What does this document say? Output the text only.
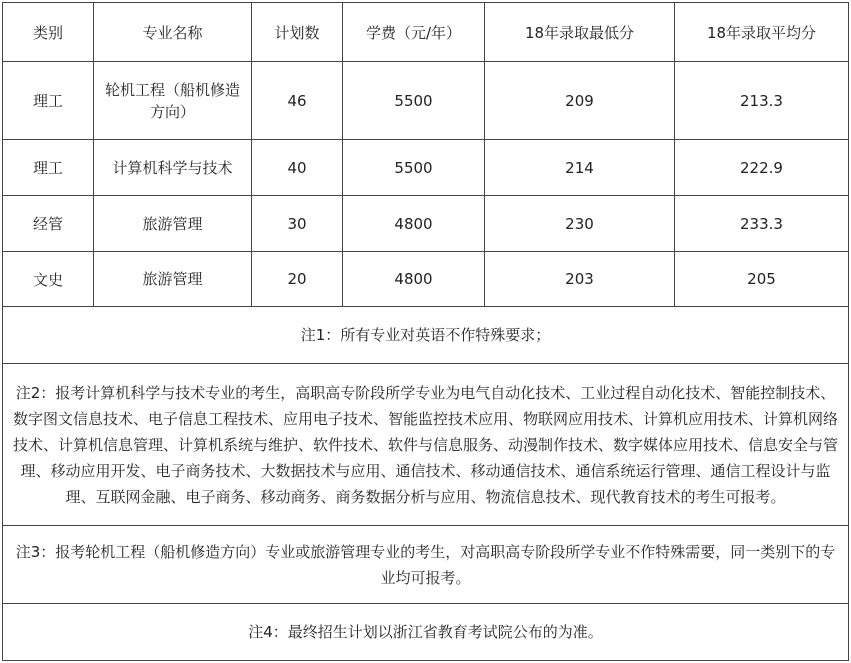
类别	专业名称	计划数	学费（元/年）	18年录取最低分	18年录取平均分
理工	轮机工程（船机修造方向）	46	5500	209	213.3
理工	计算机科学与技术	40	5500	214	222.9
经管	旅游管理	30	4800	230	233.3
文史	旅游管理	20	4800	203	205
注1：所有专业对英语不作特殊要求；					
注2：报考计算机科学与技术专业的考生，高职高专阶段所学专业为电气自动化技术、工业过程自动化技术、智能控制技术、数字图文信息技术、电子信息工程技术、应用电子技术、智能监控技术应用、物联网应用技术、计算机应用技术、计算机网络技术、计算机信息管理、计算机系统与维护、软件技术、软件与信息服务、动漫制作技术、数字媒体应用技术、信息安全与管理、移动应用开发、电子商务技术、大数据技术与应用、通信技术、移动通信技术、通信系统运行管理、通信工程设计与监理、互联网金融、电子商务、移动商务、商务数据分析与应用、物流信息技术、现代教育技术的考生可报考。					
注3：报考轮机工程（船机修造方向）专业或旅游管理专业的考生，对高职高专阶段所学专业不作特殊需要，同一类别下的专业均可报考。					
注4：最终招生计划以浙江省教育考试院公布的为准。					
